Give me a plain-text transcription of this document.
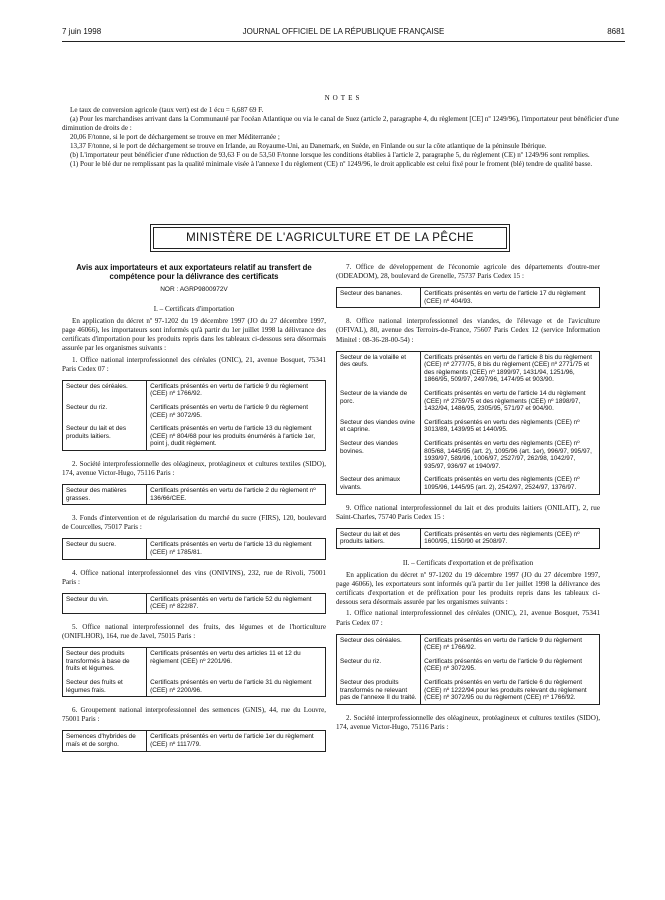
7 juin 1998	JOURNAL OFFICIEL DE LA RÉPUBLIQUE FRANÇAISE	8681
NOTES

Le taux de conversion agricole (taux vert) est de 1 écu = 6,687 69 F.

(a) Pour les marchandises arrivant dans la Communauté par l'océan Atlantique ou via le canal de Suez (article 2, paragraphe 4, du règlement [CE] nº 1249/96), l'importateur peut bénéficier d'une diminution de droits de :

20,06 F/tonne, si le port de déchargement se trouve en mer Méditerranée ;

13,37 F/tonne, si le port de déchargement se trouve en Irlande, au Royaume-Uni, au Danemark, en Suède, en Finlande ou sur la côte atlantique de la péninsule Ibérique.

(b) L'importateur peut bénéficier d'une réduction de 93,63 F ou de 53,50 F/tonne lorsque les conditions établies à l'article 2, paragraphe 5, du règlement (CE) nº 1249/96 sont remplies.

(1) Pour le blé dur ne remplissant pas la qualité minimale visée à l'annexe I du règlement (CE) nº 1249/96, le droit applicable est celui fixé pour le froment (blé) tendre de qualité basse.

MINISTÈRE DE L'AGRICULTURE ET DE LA PÊCHE
Avis aux importateurs et aux exportateurs relatif au transfert de compétence pour la délivrance des certificats
NOR : AGRP9800972V
I. – Certificats d'importation

En application du décret nº 97-1202 du 19 décembre 1997 (JO du 27 décembre 1997, page 46066), les importateurs sont informés qu'à partir du 1er juillet 1998 la délivrance des certificats d'importation pour les produits repris dans les tableaux ci-dessous sera désormais assurée par les organismes suivants :

1. Office national interprofessionnel des céréales (ONIC), 21, avenue Bosquet, 75341 Paris Cedex 07 :

Secteur des céréales.	Certificats présentés en vertu de l'article 9 du règlement (CEE) nº 1766/92.
Secteur du riz.	Certificats présentés en vertu de l'article 9 du règlement (CEE) nº 3072/95.
Secteur du lait et des produits laitiers.	Certificats présentés en vertu de l'article 13 du règlement (CEE) nº 804/68 pour les produits énumérés à l'article 1er, point j, dudit règlement.

2. Société interprofessionnelle des oléagineux, protéagineux et cultures textiles (SIDO), 174, avenue Victor-Hugo, 75116 Paris :

Secteur des matières grasses.	Certificats présentés en vertu de l'article 2 du règlement nº 136/66/CEE.

3. Fonds d'intervention et de régularisation du marché du sucre (FIRS), 120, boulevard de Courcelles, 75017 Paris :

Secteur du sucre.	Certificats présentés en vertu de l'article 13 du règlement (CEE) nº 1785/81.

4. Office national interprofessionnel des vins (ONIVINS), 232, rue de Rivoli, 75001 Paris :

Secteur du vin.	Certificats présentés en vertu de l'article 52 du règlement (CEE) nº 822/87.

5. Office national interprofessionnel des fruits, des légumes et de l'horticulture (ONIFLHOR), 164, rue de Javel, 75015 Paris :

Secteur des produits transformés à base de fruits et légumes.	Certificats présentés en vertu des articles 11 et 12 du règlement (CEE) nº 2201/96.
Secteur des fruits et légumes frais.	Certificats présentés en vertu de l'article 31 du règlement (CEE) nº 2200/96.

6. Groupement national interprofessionnel des semences (GNIS), 44, rue du Louvre, 75001 Paris :

Semences d'hybrides de maïs et de sorgho.	Certificats présentés en vertu de l'article 1er du règlement (CEE) nº 1117/79.

7. Office de développement de l'économie agricole des départements d'outre-mer (ODEADOM), 28, boulevard de Grenelle, 75737 Paris Cedex 15 :

Secteur des bananes.	Certificats présentés en vertu de l'article 17 du règlement (CEE) nº 404/93.

8. Office national interprofessionnel des viandes, de l'élevage et de l'aviculture (OFIVAL), 80, avenue des Terroirs-de-France, 75607 Paris Cedex 12 (service Information Minitel : 08-36-28-00-54) :

Secteur de la volaille et des œufs.	Certificats présentés en vertu de l'article 8 bis du règlement (CEE) nº 2777/75, 8 bis du règlement (CEE) nº 2771/75 et des règlements (CEE) nº 1899/97, 1431/94, 1251/96, 1866/95, 509/97, 2497/96, 1474/95 et 903/90.
Secteur de la viande de porc.	Certificats présentés en vertu de l'article 14 du règlement (CEE) nº 2759/75 et des règlements (CEE) nº 1898/97, 1432/94, 1486/95, 2305/95, 571/97 et 904/90.
Secteur des viandes ovine et caprine.	Certificats présentés en vertu des règlements (CEE) nº 3013/89, 1439/95 et 1440/95.
Secteur des viandes bovines.	Certificats présentés en vertu des règlements (CEE) nº 805/68, 1445/95 (art. 2), 1095/96 (art. 1er), 996/97, 995/97, 1939/97, 589/96, 1006/97, 2527/97, 262/98, 1042/97, 935/97, 936/97 et 1940/97.
Secteur des animaux vivants.	Certificats présentés en vertu des règlements (CEE) nº 1095/96, 1445/95 (art. 2), 2542/97, 2524/97, 1376/97.

9. Office national interprofessionnel du lait et des produits laitiers (ONILAIT), 2, rue Saint-Charles, 75740 Paris Cedex 15 :

Secteur du lait et des produits laitiers.	Certificats présentés en vertu des règlements (CEE) nº 1600/95, 1150/90 et 2508/97.
II. – Certificats d'exportation et de préfixation

En application du décret nº 97-1202 du 19 décembre 1997 (JO du 27 décembre 1997, page 46066), les exportateurs sont informés qu'à partir du 1er juillet 1998 la délivrance des certificats d'exportation et de préfixation pour les produits repris dans les tableaux ci-dessous sera désormais assurée par les organismes suivants :

1. Office national interprofessionnel des céréales (ONIC), 21, avenue Bosquet, 75341 Paris Cedex 07 :

Secteur des céréales.	Certificats présentés en vertu de l'article 9 du règlement (CEE) nº 1766/92.
Secteur du riz.	Certificats présentés en vertu de l'article 9 du règlement (CEE) nº 3072/95.
Secteur des produits transformés ne relevant pas de l'annexe II du traité.	Certificats présentés en vertu de l'article 6 du règlement (CEE) nº 1222/94 pour les produits relevant du règlement (CEE) nº 3072/95 ou du règlement (CEE) nº 1766/92.

2. Société interprofessionnelle des oléagineux, protéagineux et cultures textiles (SIDO), 174, avenue Victor-Hugo, 75116 Paris :
